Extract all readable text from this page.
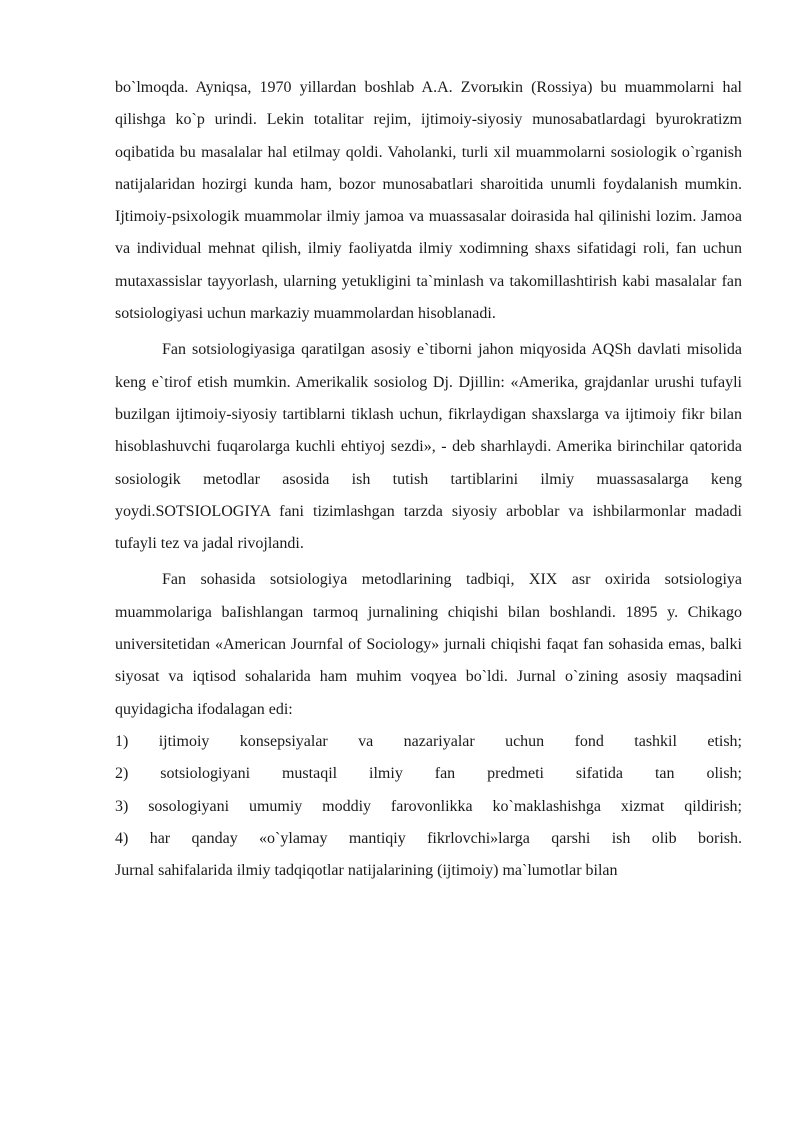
bo`lmoqda. Ayniqsa, 1970 yillardan boshlab A.A. Zvorыkin (Rossiya) bu muammolarni hal qilishga ko`p urindi. Lekin totalitar rejim, ijtimoiy-siyosiy munosabatlardagi byurokratizm oqibatida bu masalalar hal etilmay qoldi. Vaholanki, turli xil muammolarni sosiologik o`rganish natijalaridan hozirgi kunda ham, bozor munosabatlari sharoitida unumli foydalanish mumkin. Ijtimoiy-psixologik muammolar ilmiy jamoa va muassasalar doirasida hal qilinishi lozim. Jamoa va individual mehnat qilish, ilmiy faoliyatda ilmiy xodimning shaxs sifatidagi roli, fan uchun mutaxassislar tayyorlash, ularning yetukligini ta`minlash va takomillashtirish kabi masalalar fan sotsiologiyasi uchun markaziy muammolardan hisoblanadi.

Fan sotsiologiyasiga qaratilgan asosiy e`tiborni jahon miqyosida AQSh davlati misolida keng e`tirof etish mumkin. Amerikalik sosiolog Dj. Djillin: «Amerika, grajdanlar urushi tufayli buzilgan ijtimoiy-siyosiy tartiblarni tiklash uchun, fikrlaydigan shaxslarga va ijtimoiy fikr bilan hisoblashuvchi fuqarolarga kuchli ehtiyoj sezdi», - deb sharhlaydi. Amerika birinchilar qatorida sosiologik metodlar asosida ish tutish tartiblarini ilmiy muassasalarga keng yoydi.SOTSIOLOGIYA fani tizimlashgan tarzda siyosiy arboblar va ishbilarmonlar madadi tufayli tez va jadal rivojlandi.

Fan sohasida sotsiologiya metodlarining tadbiqi, XIX asr oxirida sotsiologiya muammolariga baIishlangan tarmoq jurnalining chiqishi bilan boshlandi. 1895 y. Chikago universitetidan «American Journfal of Sociology» jurnali chiqishi faqat fan sohasida emas, balki siyosat va iqtisod sohalarida ham muhim voqyea bo`ldi. Jurnal o`zining asosiy maqsadini quyidagicha ifodalagan edi:

1) ijtimoiy konsepsiyalar va nazariyalar uchun fond tashkil etish;

2) sotsiologiyani mustaqil ilmiy fan predmeti sifatida tan olish;

3) sosologiyani umumiy moddiy farovonlikka ko`maklashishga xizmat qildirish;

4) har qanday «o`ylamay mantiqiy fikrlovchi»larga qarshi ish olib borish.

Jurnal sahifalarida ilmiy tadqiqotlar natijalarining (ijtimoiy) ma`lumotlar bilan
